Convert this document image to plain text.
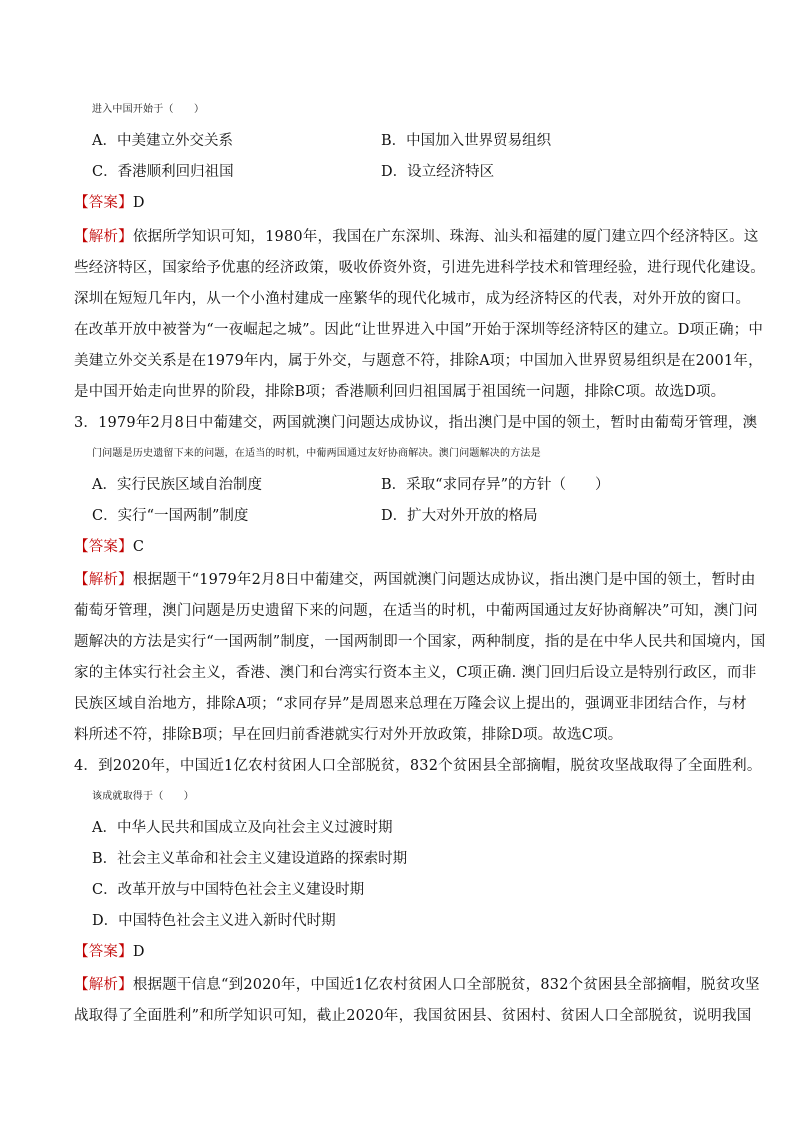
进入中国开始于（　　）
A．中美建立外交关系	B．中国加入世界贸易组织
C．香港顺利回归祖国	D．设立经济特区
【答案】D
【解析】依据所学知识可知，1980年，我国在广东深圳、珠海、汕头和福建的厦门建立四个经济特区。这
些经济特区，国家给予优惠的经济政策，吸收侨资外资，引进先进科学技术和管理经验，进行现代化建设。
深圳在短短几年内，从一个小渔村建成一座繁华的现代化城市，成为经济特区的代表，对外开放的窗口。
在改革开放中被誉为“一夜崛起之城”。因此“让世界进入中国”开始于深圳等经济特区的建立。D项正确；中
美建立外交关系是在1979年内，属于外交，与题意不符，排除A项；中国加入世界贸易组织是在2001年，
是中国开始走向世界的阶段，排除B项；香港顺利回归祖国属于祖国统一问题，排除C项。故选D项。
3．1979年2月8日中葡建交，两国就澳门问题达成协议，指出澳门是中国的领土，暂时由葡萄牙管理，澳
门问题是历史遗留下来的问题，在适当的时机，中葡两国通过友好协商解决。澳门问题解决的方法是
A．实行民族区域自治制度	B．采取“求同存异”的方针（　　）
C．实行“一国两制”制度	D．扩大对外开放的格局
【答案】C
【解析】根据题干“1979年2月8日中葡建交，两国就澳门问题达成协议，指出澳门是中国的领土，暂时由
葡萄牙管理，澳门问题是历史遗留下来的问题，在适当的时机，中葡两国通过友好协商解决”可知，澳门问
题解决的方法是实行“一国两制”制度，一国两制即一个国家，两种制度，指的是在中华人民共和国境内，国
家的主体实行社会主义，香港、澳门和台湾实行资本主义，C项正确. 澳门回归后设立是特别行政区，而非
民族区域自治地方，排除A项；“求同存异”是周恩来总理在万隆会议上提出的，强调亚非团结合作，与材
料所述不符，排除B项；早在回归前香港就实行对外开放政策，排除D项。故选C项。
4．到2020年，中国近1亿农村贫困人口全部脱贫，832个贫困县全部摘帽，脱贫攻坚战取得了全面胜利。
该成就取得于（　　）
A．中华人民共和国成立及向社会主义过渡时期
B．社会主义革命和社会主义建设道路的探索时期
C．改革开放与中国特色社会主义建设时期
D．中国特色社会主义进入新时代时期
【答案】D
【解析】根据题干信息“到2020年，中国近1亿农村贫困人口全部脱贫，832个贫困县全部摘帽，脱贫攻坚
战取得了全面胜利”和所学知识可知，截止2020年，我国贫困县、贫困村、贫困人口全部脱贫，说明我国
